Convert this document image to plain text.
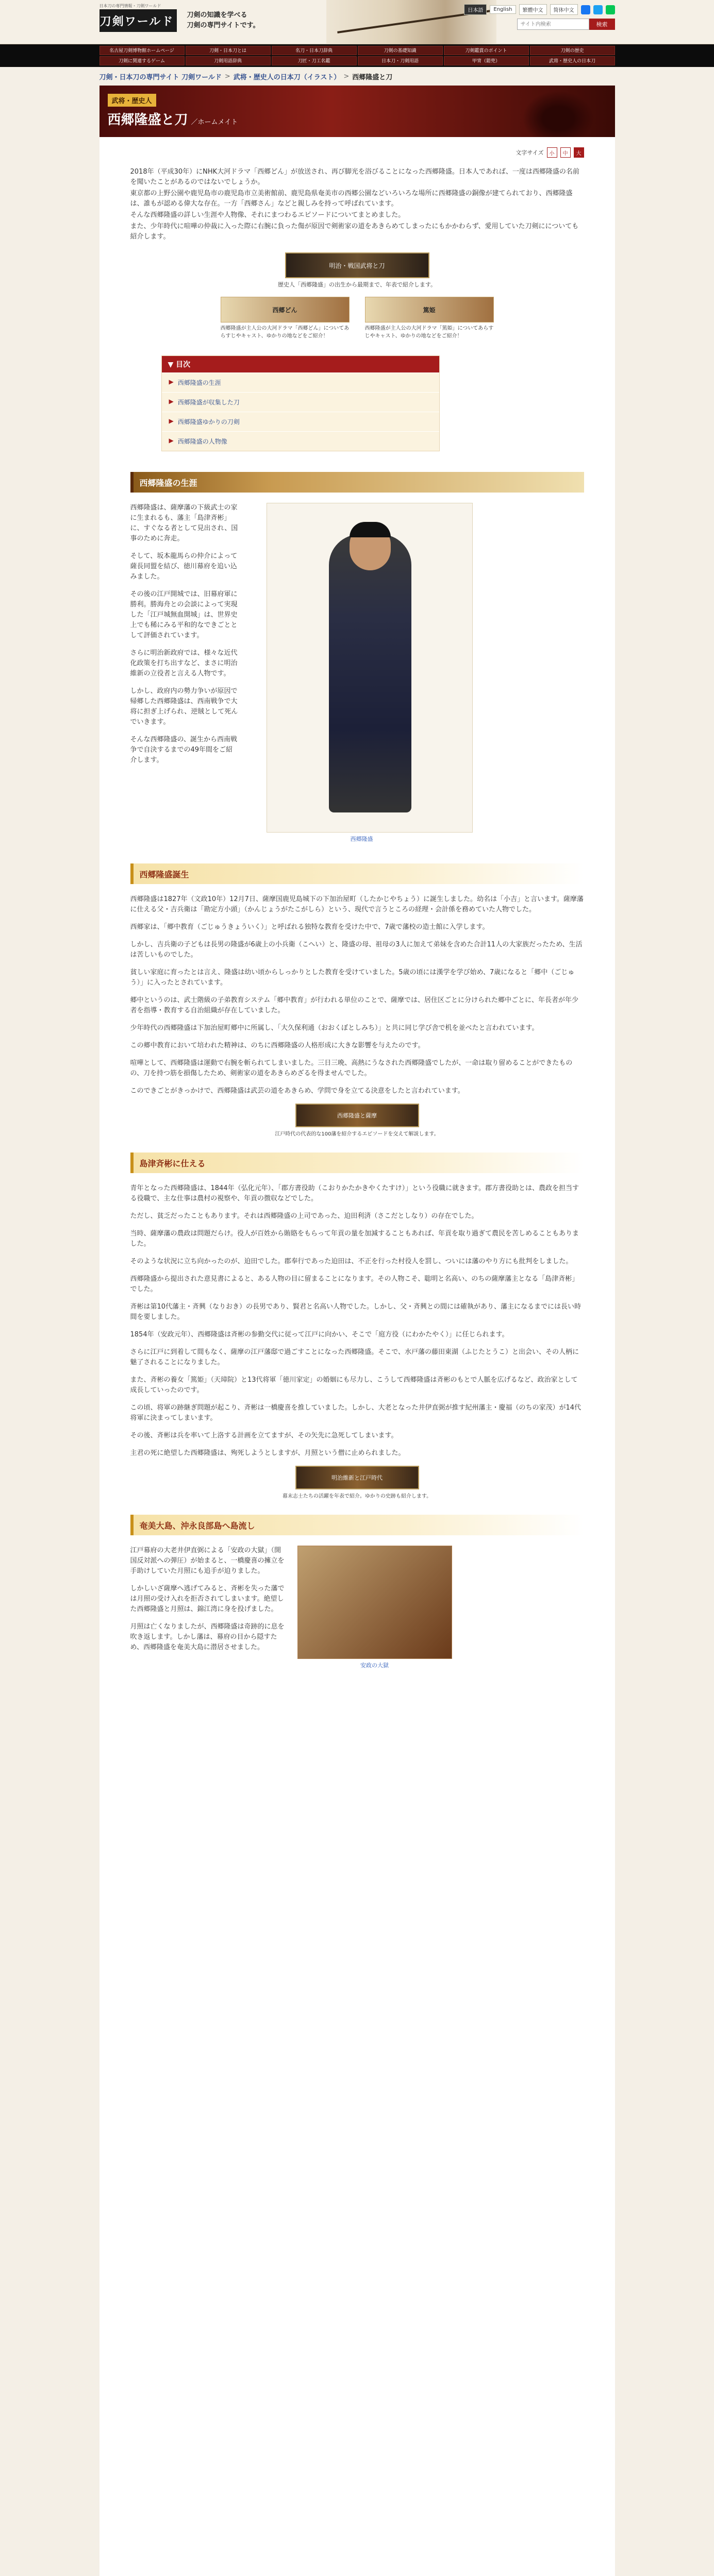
日本刀の専門情報・刀剣ワールド
刀剣ワールド 刀剣の知識を学べる
刀剣の専門サイトです。
日本語	English	繁體中文	简体中文
サイト内検索
検索
名古屋刀剣博物館ホームページ	刀剣・日本刀とは	名刀・日本刀辞典	刀剣の基礎知識	刀剣鑑賞のポイント	刀剣の歴史
刀剣に関連するゲーム	刀剣用語辞典	刀匠・刀工名鑑	日本刀・刀剣用語	甲冑（鎧兜）	武将・歴史人の日本刀
刀剣・日本刀の専門サイト 刀剣ワールド > 武将・歴史人の日本刀（イラスト） > 西郷隆盛と刀
武将・歴史人
西郷隆盛と刀 ／ホームメイト
文字サイズ	小	中	大

2018年（平成30年）にNHK大河ドラマ「西郷どん」が放送され、再び脚光を浴びることになった西郷隆盛。日本人であれば、一度は西郷隆盛の名前を聞いたことがあるのではないでしょうか。

東京都の上野公園や鹿児島市の鹿児島市立美術館前、鹿児島県奄美市の西郷公園などいろいろな場所に西郷隆盛の銅像が建てられており、西郷隆盛は、誰もが認める偉大な存在。一方「西郷さん」などと親しみを持って呼ばれています。

そんな西郷隆盛の詳しい生涯や人物像、それにまつわるエピソードについてまとめました。

また、少年時代に喧嘩の仲裁に入った際に右腕に負った傷が原因で剣術家の道をあきらめてしまったにもかかわらず、愛用していた刀剣にについても紹介します。

明治・戦国武将と刀
歴史人「西郷隆盛」の出生から最期まで、年表で紹介します。
西郷どん

西郷隆盛が主人公の大河ドラマ「西郷どん」についてあらすじやキャスト、ゆかりの地などをご紹介！

篤姫

西郷隆盛が主人公の大河ドラマ「篤姫」についてあらすじやキャスト、ゆかりの地などをご紹介！

▼ 目次
▶ 西郷隆盛の生涯
▶ 西郷隆盛が収集した刀
▶ 西郷隆盛ゆかりの刀剣
▶ 西郷隆盛の人物像
西郷隆盛の生涯

西郷隆盛は、薩摩藩の下級武士の家に生まれるも、藩主「島津斉彬」に、すぐなる者として見出され、国事のために奔走。

そして、坂本龍馬らの仲介によって薩長同盟を結び、徳川幕府を追い込みました。

その後の江戸開城では、旧幕府軍に勝利。勝海舟との会談によって実現した「江戸城無血開城」は、世界史上でも稀にみる平和的なできごととして評価されています。

さらに明治新政府では、様々な近代化政策を打ち出すなど、まさに明治維新の立役者と言える人物です。

しかし、政府内の勢力争いが原因で帰郷した西郷隆盛は、西南戦争で大将に担ぎ上げられ、逆賊として死んでいきます。

そんな西郷隆盛の、誕生から西南戦争で自決するまでの49年間をご紹介します。

西郷隆盛
西郷隆盛誕生

西郷隆盛は1827年（文政10年）12月7日、薩摩国鹿児島城下の下加治屋町（したかじやちょう）に誕生しました。幼名は「小吉」と言います。薩摩藩に仕える父・吉兵衛は「勘定方小頭」（かんじょうがたこがしら）という、現代で言うところの経理・会計係を務めていた人物でした。

西郷家は、「郷中教育（ごじゅうきょういく）」と呼ばれる独特な教育を受けた中で、7歳で藩校の造士館に入学します。

しかし、吉兵衛の子どもは長男の隆盛が6歳上の小兵衛（こへい）と、隆盛の母、祖母の3人に加えて弟妹を含めた合計11人の大家族だったため、生活は苦しいものでした。

貧しい家庭に育ったとは言え、隆盛は幼い頃からしっかりとした教育を受けていました。5歳の頃には漢学を学び始め、7歳になると「郷中（ごじゅう）」に入ったとされています。

郷中というのは、武士階級の子弟教育システム「郷中教育」が行われる単位のことで、薩摩では、居住区ごとに分けられた郷中ごとに、年長者が年少者を指導・教育する自治組織が存在していました。

少年時代の西郷隆盛は下加治屋町郷中に所属し、「大久保利通（おおくぼとしみち）」と共に同じ学び舎で机を並べたと言われています。

この郷中教育において培われた精神は、のちに西郷隆盛の人格形成に大きな影響を与えたのです。

喧嘩として、西郷隆盛は運動で右腕を斬られてしまいました。三日三晩、高熱にうなされた西郷隆盛でしたが、一命は取り留めることができたものの、刀を持つ筋を損傷したため、剣術家の道をあきらめざるを得ませんでした。

このできごとがきっかけで、西郷隆盛は武芸の道をあきらめ、学問で身を立てる決意をしたと言われています。

西郷隆盛と薩摩
江戸時代の代表的な100藩を紹介するエピソードを交えて解説します。
島津斉彬に仕える

青年となった西郷隆盛は、1844年（弘化元年）、「郡方書役助（こおりかたかきやくたすけ）」という役職に就きます。郡方書役助とは、農政を担当する役職で、主な仕事は農村の視察や、年貢の徴収などでした。

ただし、貧乏だったこともあります。それは西郷隆盛の上司であった、迫田利済（さこだとしなり）の存在でした。

当時、薩摩藩の農政は問題だらけ。役人が百姓から賄賂をもらって年貢の量を加減することもあれば、年貢を取り過ぎて農民を苦しめることもありました。

そのような状況に立ち向かったのが、迫田でした。郡奉行であった迫田は、不正を行った村役人を罰し、ついには藩のやり方にも批判をしました。

西郷隆盛から提出された意見書によると、ある人物の目に留まることになります。その人物こそ、聡明と名高い、のちの薩摩藩主となる「島津斉彬」でした。

斉彬は第10代藩主・斉興（なりおき）の長男であり、賢君と名高い人物でした。しかし、父・斉興との間には確執があり、藩主になるまでには長い時間を要しました。

1854年（安政元年）、西郷隆盛は斉彬の参勤交代に従って江戸に向かい、そこで「庭方役（にわかたやく）」に任じられます。

さらに江戸に到着して間もなく、薩摩の江戸藩邸で過ごすことになった西郷隆盛。そこで、水戸藩の藤田東湖（ふじたとうこ）と出会い、その人柄に魅了されることになりました。

また、斉彬の養女「篤姫」（天璋院）と13代将軍「徳川家定」の婚姻にも尽力し、こうして西郷隆盛は斉彬のもとで人脈を広げるなど、政治家として成長していったのです。

この頃、将軍の跡継ぎ問題が起こり、斉彬は一橋慶喜を推していました。しかし、大老となった井伊直弼が推す紀州藩主・慶福（のちの家茂）が14代将軍に決まってしまいます。

その後、斉彬は兵を率いて上洛する計画を立てますが、その矢先に急死してしまいます。

主君の死に絶望した西郷隆盛は、殉死しようとしますが、月照という僧に止められました。

明治維新と江戸時代
幕末志士たちの活躍を年表で紹介。ゆかりの史跡も紹介します。
奄美大島、沖永良部島へ島流し

江戸幕府の大老井伊直弼による「安政の大獄」（開国反対派への弾圧）が始まると、一橋慶喜の擁立を手助けしていた月照にも追手が迫りました。

しかしいざ薩摩へ逃げてみると、斉彬を失った藩では月照の受け入れを拒否されてしまいます。絶望した西郷隆盛と月照は、錦江湾に身を投げました。

月照は亡くなりましたが、西郷隆盛は奇跡的に息を吹き返します。しかし藩は、幕府の目から隠すため、西郷隆盛を奄美大島に潜居させました。

安政の大獄
